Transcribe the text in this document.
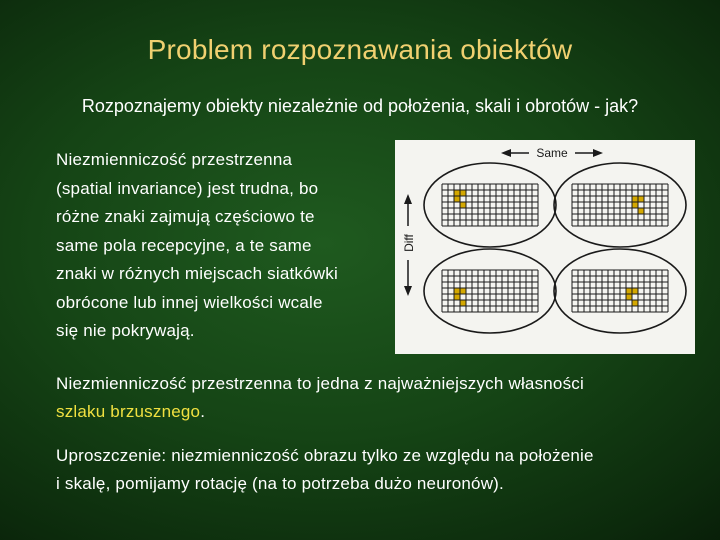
Problem rozpoznawania obiektów
Rozpoznajemy obiekty niezależnie od położenia, skali i obrotów - jak?
Niezmienniczość przestrzenna
(spatial invariance) jest trudna, bo
różne znaki zajmują częściowo te
same pola recepcyjne, a te same
znaki w różnych miejscach siatkówki
obrócone lub innej wielkości wcale
się nie pokrywają.
Same
Diff
Niezmienniczość przestrzenna to jedna z najważniejszych własności
szlaku brzusznego.
Uproszczenie: niezmienniczość obrazu tylko ze względu na położenie
i skalę, pomijamy rotację (na to potrzeba dużo neuronów).
